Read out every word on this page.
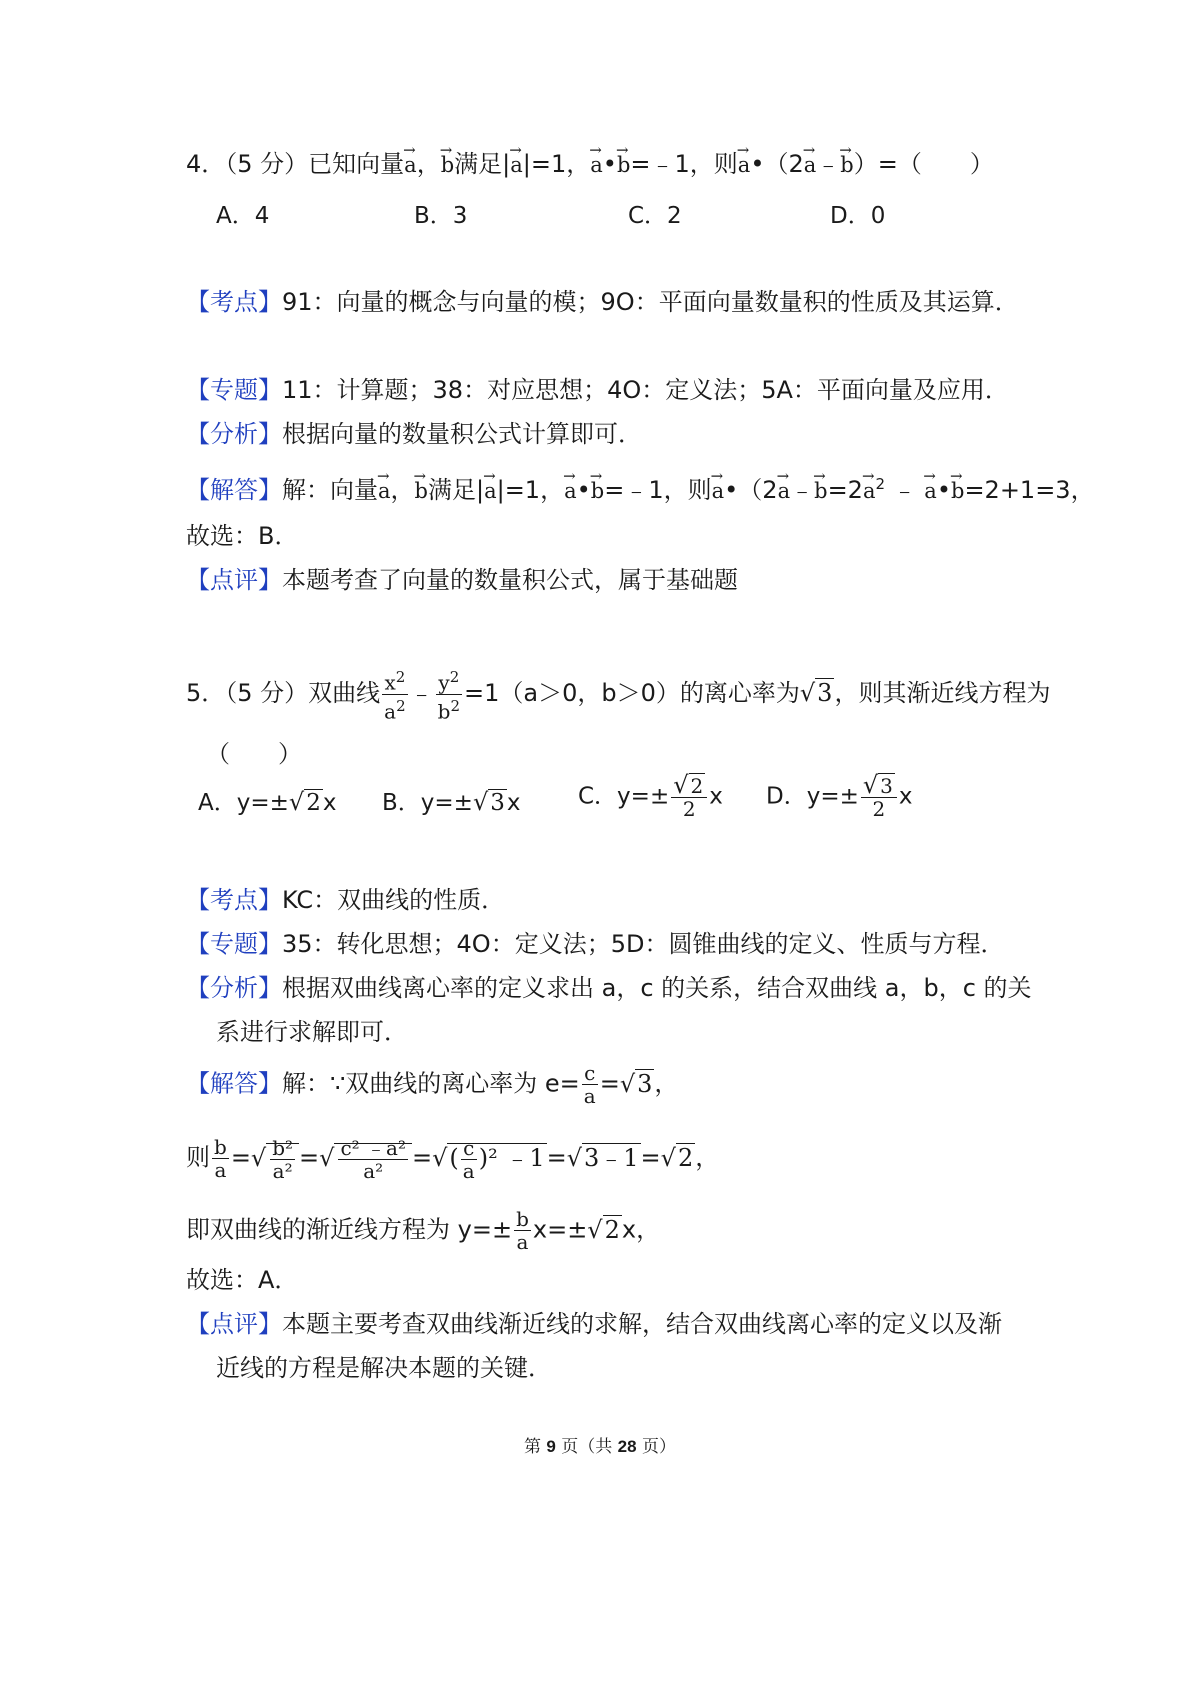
4．（5 分）已知向量→ a，→ b满足|→ a|=1，→ a•→ b=﹣1，则→ a•（2→ a﹣→ b）=（　　）
A．4	B．3	C．2	D．0
【考点】91：向量的概念与向量的模；9O：平面向量数量积的性质及其运算．
【专题】11：计算题；38：对应思想；4O：定义法；5A：平面向量及应用．
【分析】根据向量的数量积公式计算即可．
【解答】解：向量→ a，→ b满足|→ a|=1，→ a•→ b=﹣1，则→ a•（2→ a﹣→ $b=2\to a^2$ ﹣ → a•→ b=2+1=3，
故选：B．
【点评】本题考查了向量的数量积公式，属于基础题
5．（5 分）双曲线 $\frac{x^2}{a^2}$ ﹣ $\frac{y^2}{b^2} =1(a>0$，b＞0）的离心率为√3，则其渐近线方程为
（　　）
A．y=±√2x B．y=±√3x	C．$y=\pm \frac{√ 2}{2}$ x D．$y=\pm \frac{√ 3}{2}$ x
【考点】KC：双曲线的性质．
【专题】35：转化思想；4O：定义法；5D：圆锥曲线的定义、性质与方程．
【分析】根据双曲线离心率的定义求出 a，c 的关系，结合双曲线 a，b，c 的关
系进行求解即可．
【解答】解：∵双曲线的离心率为 $e= \frac{c}{a} =√3$，
则 $\frac{b}{a}$ =√ $\frac{\text{b²}}{\text{a²}}$ =√ $\frac{\text{c² ﹣a²}}{\text{a²}}$ =√( $\frac{c}{a} )^2$ ﹣1=√3﹣1=√2，
即双曲线的渐近线方程为 $y=\pm \frac{b}{a} x=\pm√2x$，
故选：A．
【点评】本题主要考查双曲线渐近线的求解，结合双曲线离心率的定义以及渐
近线的方程是解决本题的关键．
第 9 页（共 28 页）
